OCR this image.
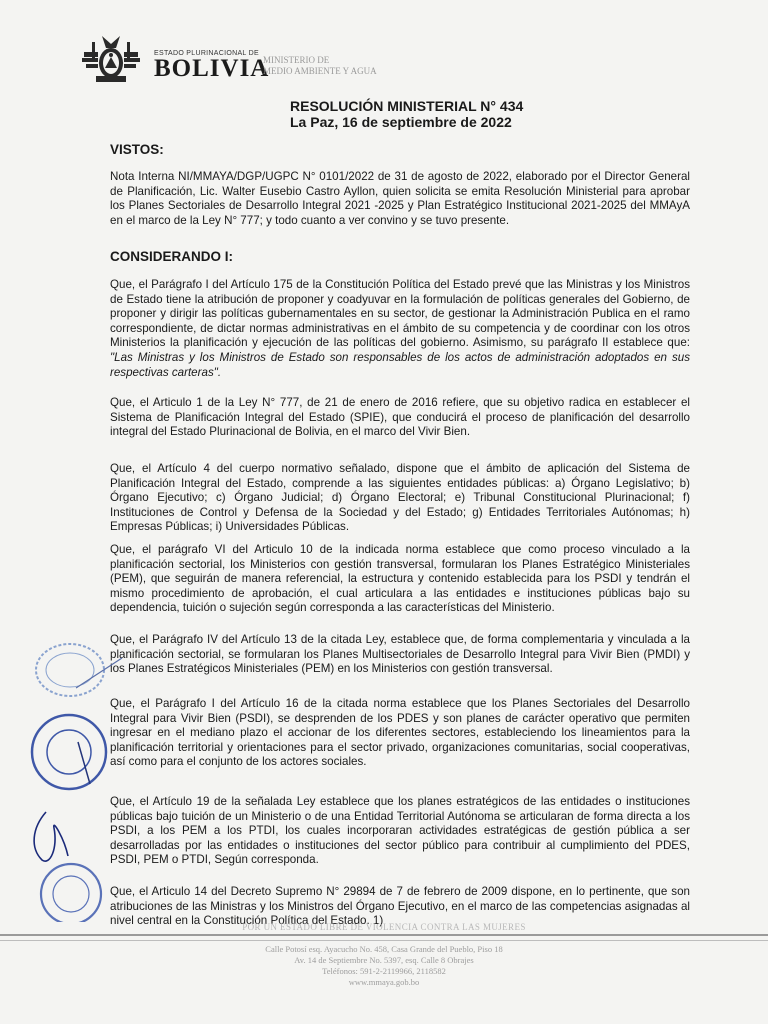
ESTADO PLURINACIONAL DE
BOLIVIA
MINISTERIO DE
MEDIO AMBIENTE Y AGUA
RESOLUCIÓN MINISTERIAL N° 434
La Paz, 16 de septiembre de 2022
VISTOS:

Nota Interna NI/MMAYA/DGP/UGPC N° 0101/2022 de 31 de agosto de 2022, elaborado por el Director General de Planificación, Lic. Walter Eusebio Castro Ayllon, quien solicita se emita Resolución Ministerial para aprobar los Planes Sectoriales de Desarrollo Integral 2021 -2025 y Plan Estratégico Institucional 2021-2025 del MMAyA en el marco de la Ley N° 777; y todo cuanto a ver convino y se tuvo presente.

CONSIDERANDO I:

Que, el Parágrafo I del Artículo 175 de la Constitución Política del Estado prevé que las Ministras y los Ministros de Estado tiene la atribución de proponer y coadyuvar en la formulación de políticas generales del Gobierno, de proponer y dirigir las políticas gubernamentales en su sector, de gestionar la Administración Publica en el ramo correspondiente, de dictar normas administrativas en el ámbito de su competencia y de coordinar con los otros Ministerios la planificación y ejecución de las políticas del gobierno. Asimismo, su parágrafo II establece que: "Las Ministras y los Ministros de Estado son responsables de los actos de administración adoptados en sus respectivas carteras".

Que, el Articulo 1 de la Ley N° 777, de 21 de enero de 2016 refiere, que su objetivo radica en establecer el Sistema de Planificación Integral del Estado (SPIE), que conducirá el proceso de planificación del desarrollo integral del Estado Plurinacional de Bolivia, en el marco del Vivir Bien.

Que, el Artículo 4 del cuerpo normativo señalado, dispone que el ámbito de aplicación del Sistema de Planificación Integral del Estado, comprende a las siguientes entidades públicas: a) Órgano Legislativo; b) Órgano Ejecutivo; c) Órgano Judicial; d) Órgano Electoral; e) Tribunal Constitucional Plurinacional; f) Instituciones de Control y Defensa de la Sociedad y del Estado; g) Entidades Territoriales Autónomas; h) Empresas Públicas; i) Universidades Públicas.

Que, el parágrafo VI del Articulo 10 de la indicada norma establece que como proceso vinculado a la planificación sectorial, los Ministerios con gestión transversal, formularan los Planes Estratégico Ministeriales (PEM), que seguirán de manera referencial, la estructura y contenido establecida para los PSDI y tendrán el mismo procedimiento de aprobación, el cual articulara a las entidades e instituciones públicas bajo su dependencia, tuición o sujeción según corresponda a las características del Ministerio.

Que, el Parágrafo IV del Artículo 13 de la citada Ley, establece que, de forma complementaria y vinculada a la planificación sectorial, se formularan los Planes Multisectoriales de Desarrollo Integral para Vivir Bien (PMDI) y los Planes Estratégicos Ministeriales (PEM) en los Ministerios con gestión transversal.

Que, el Parágrafo I del Artículo 16 de la citada norma establece que los Planes Sectoriales del Desarrollo Integral para Vivir Bien (PSDI), se desprenden de los PDES y son planes de carácter operativo que permiten ingresar en el mediano plazo el accionar de los diferentes sectores, estableciendo los lineamientos para la planificación territorial y orientaciones para el sector privado, organizaciones comunitarias, social cooperativas, así como para el conjunto de los actores sociales.

Que, el Artículo 19 de la señalada Ley establece que los planes estratégicos de las entidades o instituciones públicas bajo tuición de un Ministerio o de una Entidad Territorial Autónoma se articularan de forma directa a los PSDI, a los PEM a los PTDI, los cuales incorporaran actividades estratégicas de gestión pública a ser desarrolladas por las entidades o instituciones del sector público para contribuir al cumplimiento del PDES, PSDI, PEM o PTDI, Según corresponda.

Que, el Articulo 14 del Decreto Supremo N° 29894 de 7 de febrero de 2009 dispone, en lo pertinente, que son atribuciones de las Ministras y los Ministros del Órgano Ejecutivo, en el marco de las competencias asignadas al nivel central en la Constitución Política del Estado. 1)

POR UN ESTADO LIBRE DE VIOLENCIA CONTRA LAS MUJERES
Calle Potosí esq. Ayacucho No. 458, Casa Grande del Pueblo, Piso 18
Av. 14 de Septiembre No. 5397, esq. Calle 8 Obrajes
Teléfonos: 591-2-2119966, 2118582
www.mmaya.gob.bo
